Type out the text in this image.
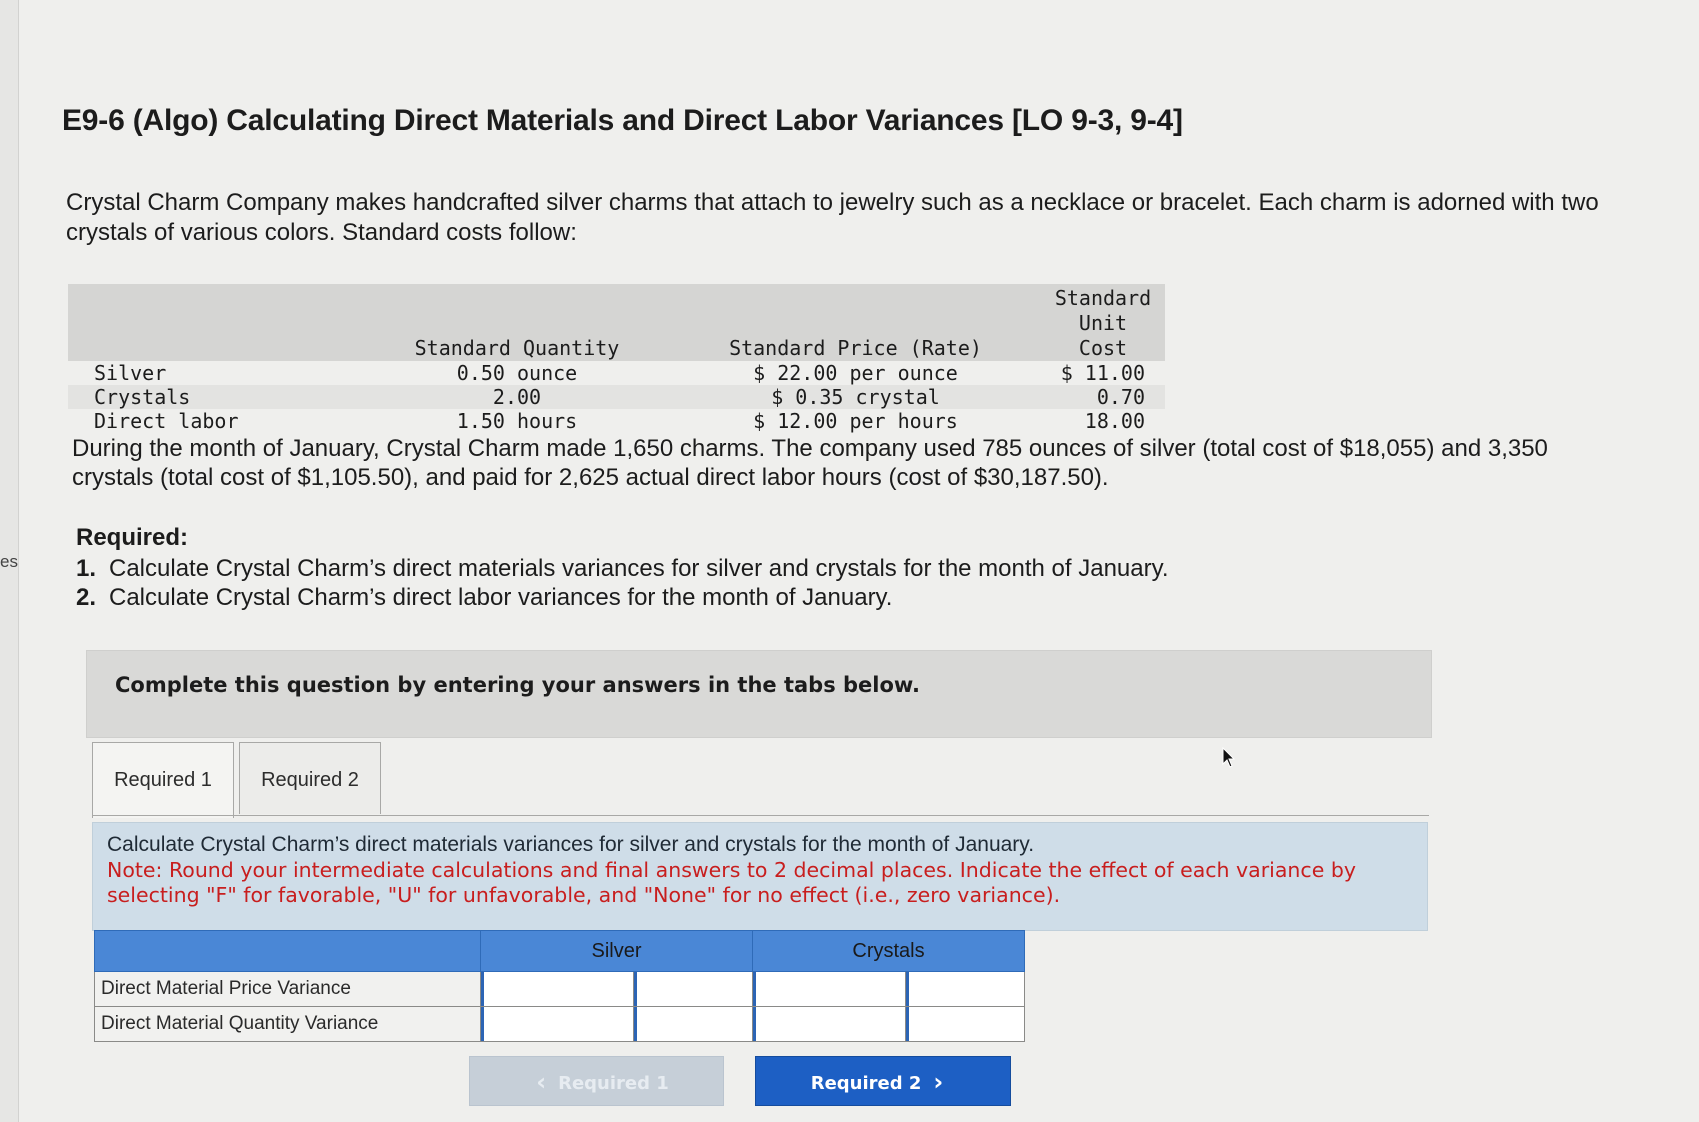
es
E9-6 (Algo) Calculating Direct Materials and Direct Labor Variances [LO 9-3, 9-4]
Crystal Charm Company makes handcrafted silver charms that attach to jewelry such as a necklace or bracelet. Each charm is adorned with two crystals of various colors. Standard costs follow:
	Standard Quantity	Standard Price (Rate)	Standard Unit
Cost

Silver	0.50 ounce	$ 22.00 per ounce	$ 11.00
Crystals	2.00	$ 0.35 crystal	0.70
Direct labor	1.50 hours	$ 12.00 per hours	18.00
During the month of January, Crystal Charm made 1,650 charms. The company used 785 ounces of silver (total cost of $18,055) and 3,350 crystals (total cost of $1,105.50), and paid for 2,625 actual direct labor hours (cost of $30,187.50).
Required:
1. Calculate Crystal Charm’s direct materials variances for silver and crystals for the month of January.
2. Calculate Crystal Charm’s direct labor variances for the month of January.
Complete this question by entering your answers in the tabs below.
Required 1	Required 2
Calculate Crystal Charm’s direct materials variances for silver and crystals for the month of January.
Note: Round your intermediate calculations and final answers to 2 decimal places. Indicate the effect of each variance by selecting "F" for favorable, "U" for unfavorable, and "None" for no effect (i.e., zero variance).
	Silver		Crystals	
Direct Material Price Variance	

Direct Material Quantity Variance	

‹ Required 1	Required 2 ›
